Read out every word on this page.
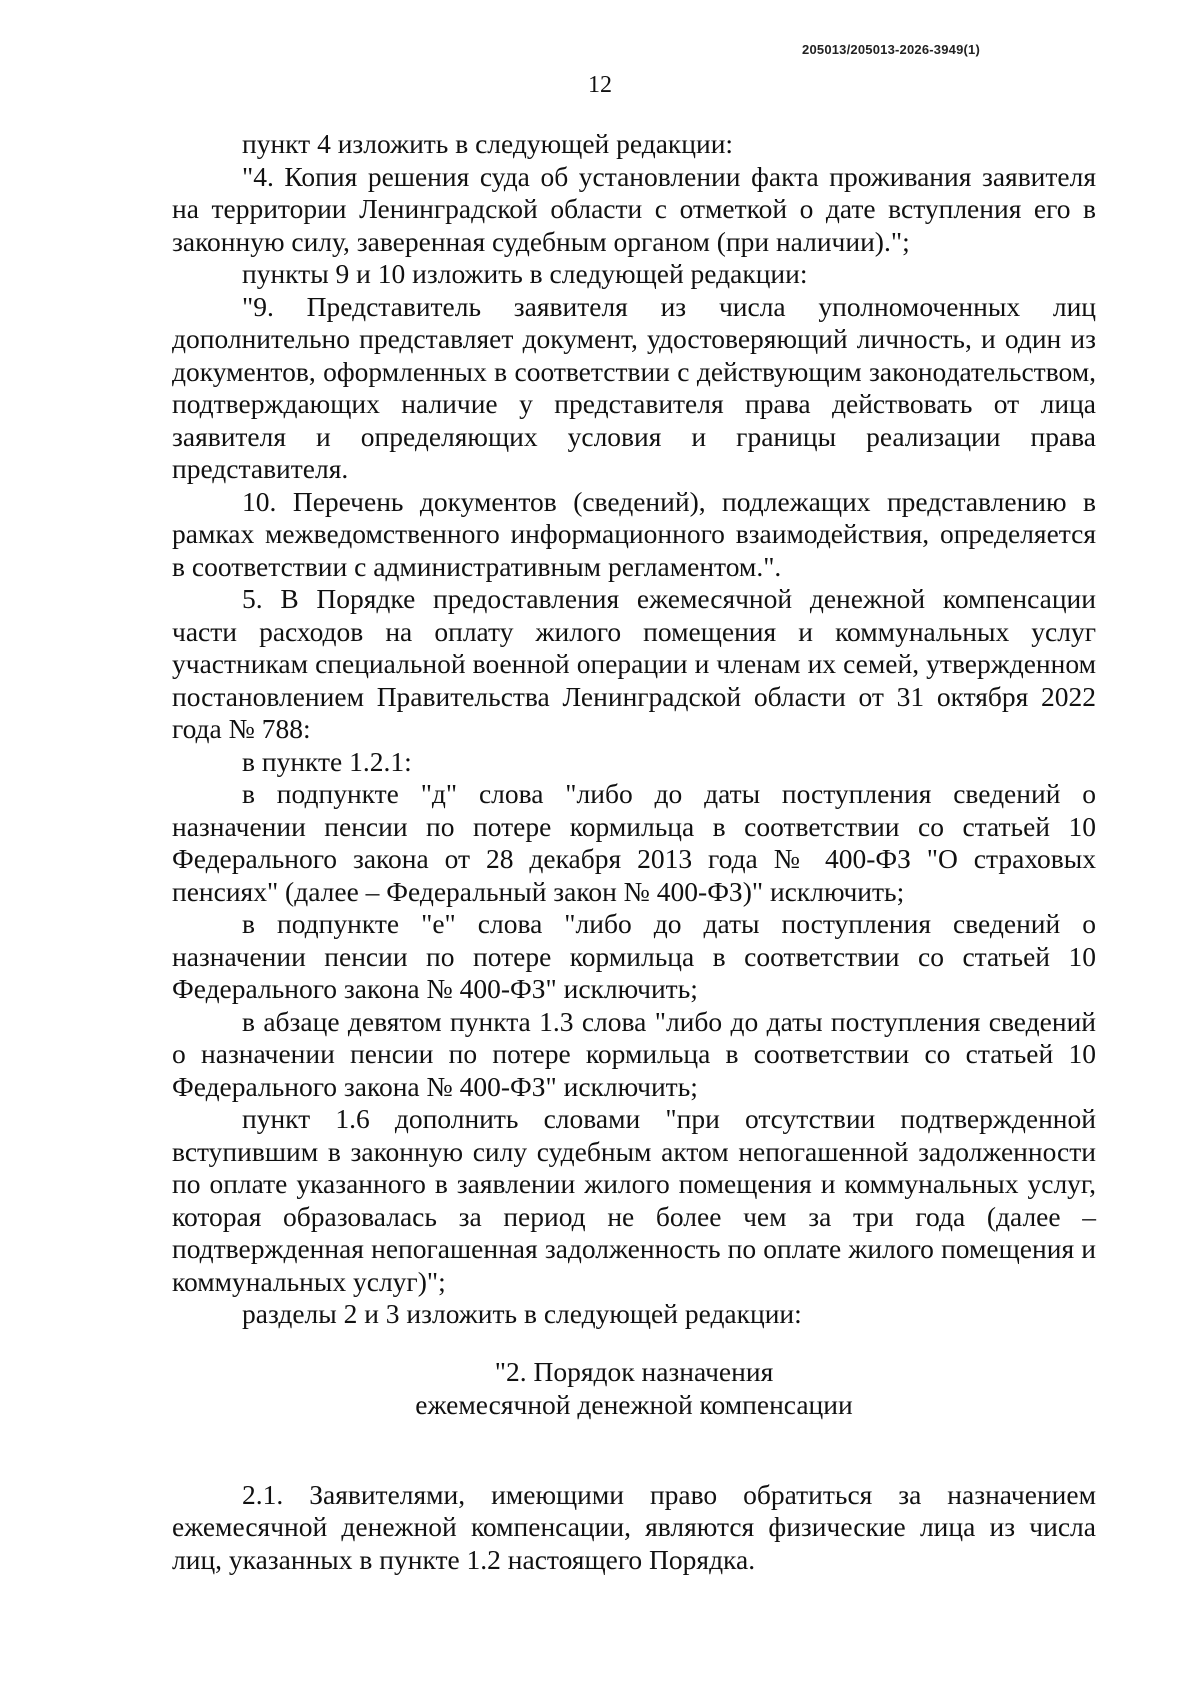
205013/205013-2026-3949(1)
12

пункт 4 изложить в следующей редакции:

"4. Копия решения суда об установлении факта проживания заявителя на территории Ленинградской области с отметкой о дате вступления его в законную силу, заверенная судебным органом (при наличии).";

пункты 9 и 10 изложить в следующей редакции:

"9. Представитель заявителя из числа уполномоченных лиц дополнительно представляет документ, удостоверяющий личность, и один из документов, оформленных в соответствии с действующим законодательством, подтверждающих наличие у представителя права действовать от лица заявителя и определяющих условия и границы реализации права представителя.

10. Перечень документов (сведений), подлежащих представлению в рамках межведомственного информационного взаимодействия, определяется в соответствии с административным регламентом.".

5. В Порядке предоставления ежемесячной денежной компенсации части расходов на оплату жилого помещения и коммунальных услуг участникам специальной военной операции и членам их семей, утвержденном постановлением Правительства Ленинградской области от 31 октября 2022 года № 788:

в пункте 1.2.1:

в подпункте "д" слова "либо до даты поступления сведений о назначении пенсии по потере кормильца в соответствии со статьей 10 Федерального закона от 28 декабря 2013 года № 400-ФЗ "О страховых пенсиях" (далее – Федеральный закон № 400-ФЗ)" исключить;

в подпункте "е" слова "либо до даты поступления сведений о назначении пенсии по потере кормильца в соответствии со статьей 10 Федерального закона № 400-ФЗ" исключить;

в абзаце девятом пункта 1.3 слова "либо до даты поступления сведений о назначении пенсии по потере кормильца в соответствии со статьей 10 Федерального закона № 400-ФЗ" исключить;

пункт 1.6 дополнить словами "при отсутствии подтвержденной вступившим в законную силу судебным актом непогашенной задолженности по оплате указанного в заявлении жилого помещения и коммунальных услуг, которая образовалась за период не более чем за три года (далее – подтвержденная непогашенная задолженность по оплате жилого помещения и коммунальных услуг)";

разделы 2 и 3 изложить в следующей редакции:

"2. Порядок назначения

ежемесячной денежной компенсации

2.1. Заявителями, имеющими право обратиться за назначением ежемесячной денежной компенсации, являются физические лица из числа лиц, указанных в пункте 1.2 настоящего Порядка.
